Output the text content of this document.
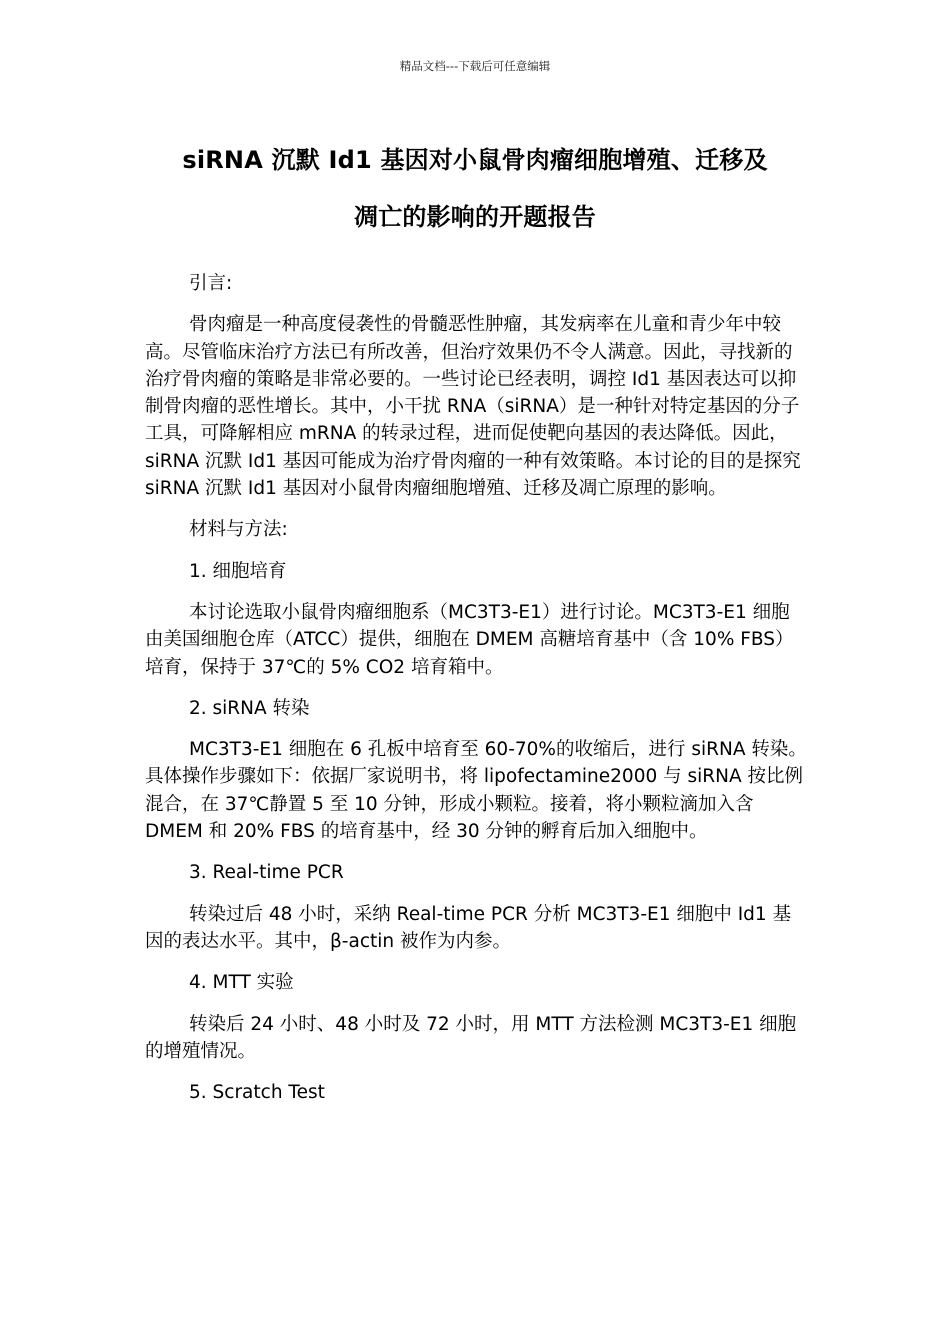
精品文档---下载后可任意编辑
siRNA 沉默 Id1 基因对小鼠骨肉瘤细胞增殖、迁移及
凋亡的影响的开题报告
引言:

骨肉瘤是一种高度侵袭性的骨髓恶性肿瘤，其发病率在儿童和青少年中较高。尽管临床治疗方法已有所改善，但治疗效果仍不令人满意。因此，寻找新的治疗骨肉瘤的策略是非常必要的。一些讨论已经表明，调控 Id1 基因表达可以抑制骨肉瘤的恶性增长。其中，小干扰 RNA（siRNA）是一种针对特定基因的分子工具，可降解相应 mRNA 的转录过程，进而促使靶向基因的表达降低。因此，siRNA 沉默 Id1 基因可能成为治疗骨肉瘤的一种有效策略。本讨论的目的是探究 siRNA 沉默 Id1 基因对小鼠骨肉瘤细胞增殖、迁移及凋亡原理的影响。

材料与方法:
1. 细胞培育

本讨论选取小鼠骨肉瘤细胞系（MC3T3-E1）进行讨论。MC3T3-E1 细胞由美国细胞仓库（ATCC）提供，细胞在 DMEM 高糖培育基中（含 10% FBS）培育，保持于 37℃的 5% CO2 培育箱中。

2. siRNA 转染

MC3T3-E1 细胞在 6 孔板中培育至 60-70%的收缩后，进行 siRNA 转染。具体操作步骤如下：依据厂家说明书，将 lipofectamine2000 与 siRNA 按比例混合，在 37℃静置 5 至 10 分钟，形成小颗粒。接着，将小颗粒滴加入含 DMEM 和 20% FBS 的培育基中，经 30 分钟的孵育后加入细胞中。

3. Real-time PCR

转染过后 48 小时，采纳 Real-time PCR 分析 MC3T3-E1 细胞中 Id1 基因的表达水平。其中，β-actin 被作为内参。

4. MTT 实验

转染后 24 小时、48 小时及 72 小时，用 MTT 方法检测 MC3T3-E1 细胞的增殖情况。

5. Scratch Test
